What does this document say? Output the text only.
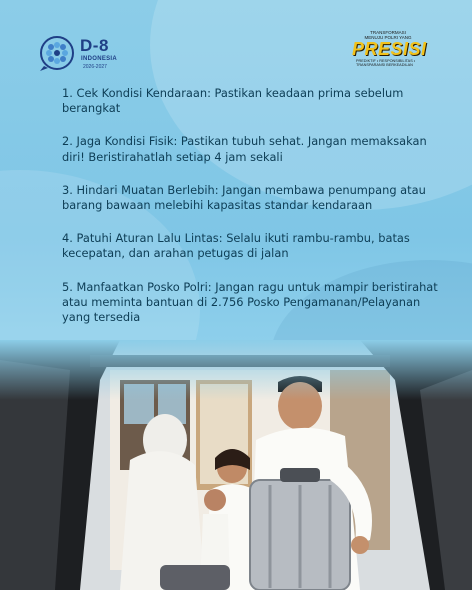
D-8
INDONESIA
2026-2027
TRANSFORMASI MENUJU POLRI YANG
PRESISI
PREDIKTIF • RESPONSIBILITAS • TRANSPARANSI BERKEADILAN

1. Cek Kondisi Kendaraan: Pastikan keadaan prima sebelum berangkat

2. Jaga Kondisi Fisik: Pastikan tubuh sehat. Jangan memaksakan diri! Beristirahatlah setiap 4 jam sekali

3. Hindari Muatan Berlebih: Jangan membawa penumpang atau barang bawaan melebihi kapasitas standar kendaraan

4. Patuhi Aturan Lalu Lintas: Selalu ikuti rambu-rambu, batas kecepatan, dan arahan petugas di jalan

5. Manfaatkan Posko Polri: Jangan ragu untuk mampir beristirahat atau meminta bantuan di 2.756 Posko Pengamanan/Pelayanan yang tersedia
